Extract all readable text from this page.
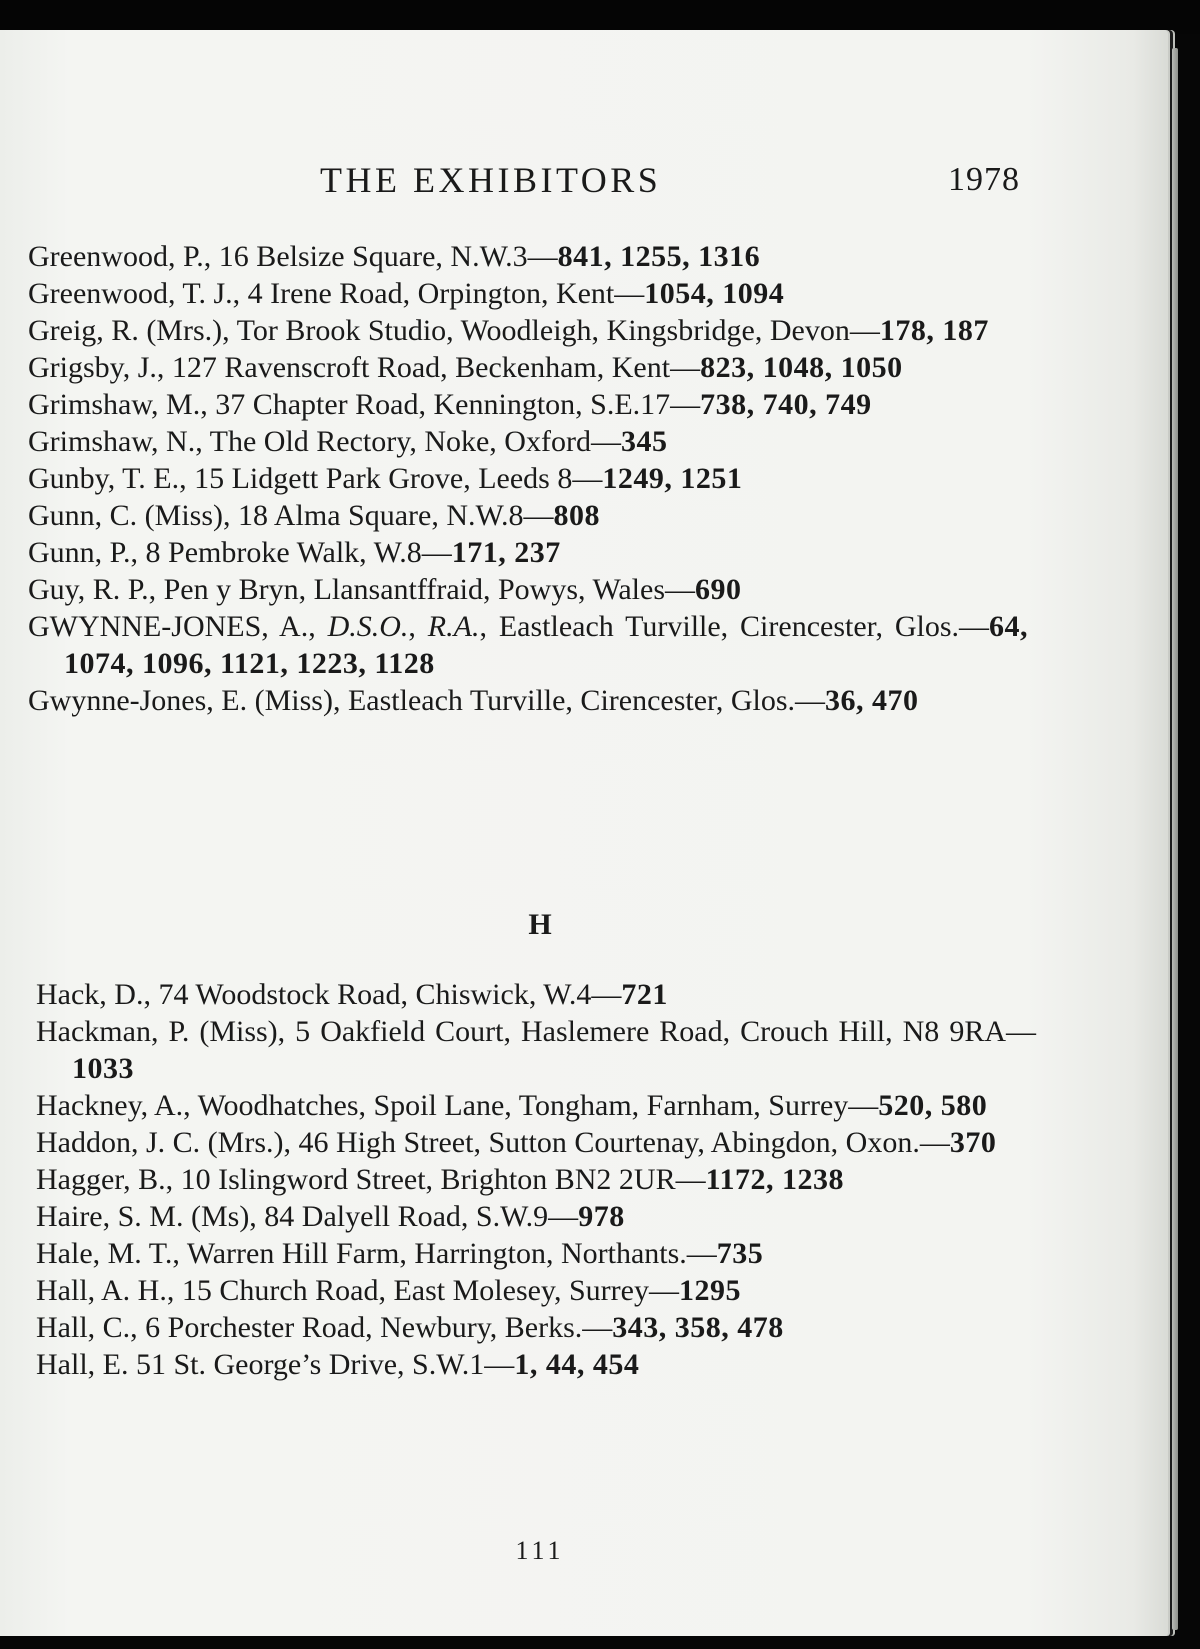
THE EXHIBITORS	1978

Greenwood, P., 16 Belsize Square, N.W.3—841, 1255, 1316

Greenwood, T. J., 4 Irene Road, Orpington, Kent—1054, 1094

Greig, R. (Mrs.), Tor Brook Studio, Woodleigh, Kingsbridge, Devon—178, 187

Grigsby, J., 127 Ravenscroft Road, Beckenham, Kent—823, 1048, 1050

Grimshaw, M., 37 Chapter Road, Kennington, S.E.17—738, 740, 749

Grimshaw, N., The Old Rectory, Noke, Oxford—345

Gunby, T. E., 15 Lidgett Park Grove, Leeds 8—1249, 1251

Gunn, C. (Miss), 18 Alma Square, N.W.8—808

Gunn, P., 8 Pembroke Walk, W.8—171, 237

Guy, R. P., Pen y Bryn, Llansantffraid, Powys, Wales—690

GWYNNE-JONES, A., D.S.O., R.A., Eastleach Turville, Cirencester, Glos.—64, 1074, 1096, 1121, 1223, 1128

Gwynne-Jones, E. (Miss), Eastleach Turville, Cirencester, Glos.—36, 470

H

Hack, D., 74 Woodstock Road, Chiswick, W.4—721

Hackman, P. (Miss), 5 Oakfield Court, Haslemere Road, Crouch Hill, N8 9RA—1033

Hackney, A., Woodhatches, Spoil Lane, Tongham, Farnham, Surrey—520, 580

Haddon, J. C. (Mrs.), 46 High Street, Sutton Courtenay, Abingdon, Oxon.—370

Hagger, B., 10 Islingword Street, Brighton BN2 2UR—1172, 1238

Haire, S. M. (Ms), 84 Dalyell Road, S.W.9—978

Hale, M. T., Warren Hill Farm, Harrington, Northants.—735

Hall, A. H., 15 Church Road, East Molesey, Surrey—1295

Hall, C., 6 Porchester Road, Newbury, Berks.—343, 358, 478

Hall, E. 51 St. George’s Drive, S.W.1—1, 44, 454

111
